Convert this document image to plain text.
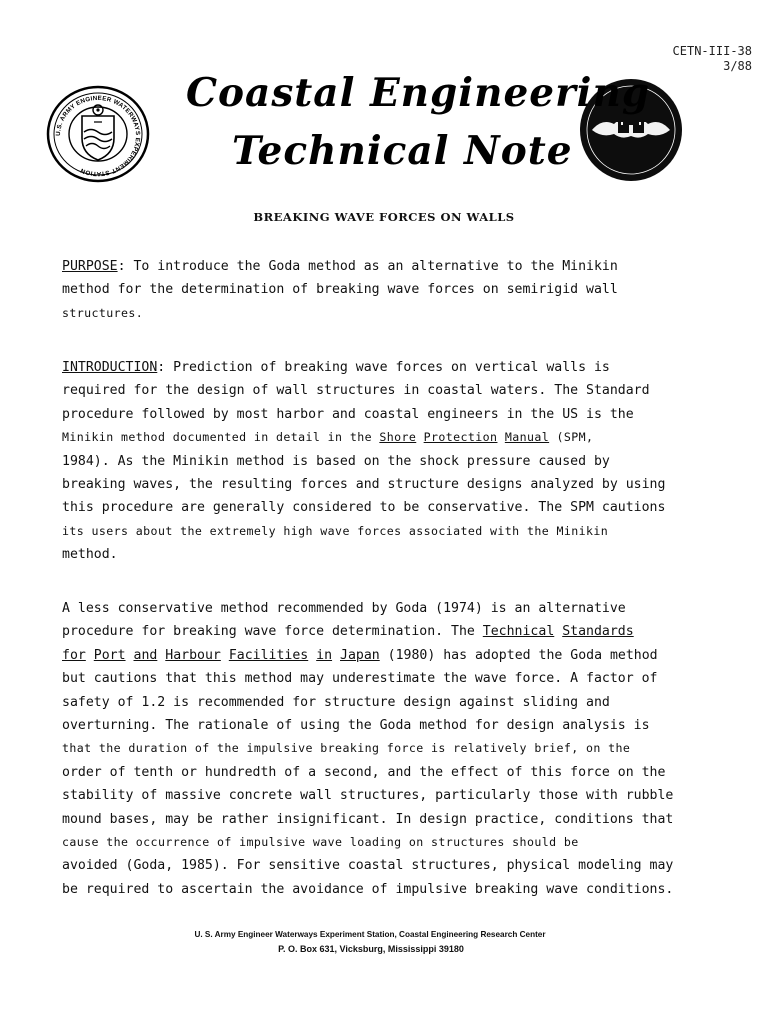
CETN-III-38
3/88
U.S. ARMY ENGINEER WATERWAYS EXPERIMENT STATION
Coastal Engineering
Technical Note
BREAKING WAVE FORCES ON WALLS
PURPOSE: To introduce the Goda method as an alternative to the Minikin
method for the determination of breaking wave forces on semirigid wall
structures.
INTRODUCTION: Prediction of breaking wave forces on vertical walls is
required for the design of wall structures in coastal waters. The Standard
procedure followed by most harbor and coastal engineers in the US is the
Minikin method documented in detail in the Shore Protection Manual (SPM,
1984). As the Minikin method is based on the shock pressure caused by
breaking waves, the resulting forces and structure designs analyzed by using
this procedure are generally considered to be conservative. The SPM cautions
its users about the extremely high wave forces associated with the Minikin
method.
A less conservative method recommended by Goda (1974) is an alternative
procedure for breaking wave force determination. The Technical Standards
for Port and Harbour Facilities in Japan (1980) has adopted the Goda method
but cautions that this method may underestimate the wave force. A factor of
safety of 1.2 is recommended for structure design against sliding and
overturning. The rationale of using the Goda method for design analysis is
that the duration of the impulsive breaking force is relatively brief, on the
order of tenth or hundredth of a second, and the effect of this force on the
stability of massive concrete wall structures, particularly those with rubble
mound bases, may be rather insignificant. In design practice, conditions that
cause the occurrence of impulsive wave loading on structures should be
avoided (Goda, 1985). For sensitive coastal structures, physical modeling may
be required to ascertain the avoidance of impulsive breaking wave conditions.
U. S. Army Engineer Waterways Experiment Station, Coastal Engineering Research Center
P. O. Box 631, Vicksburg, Mississippi 39180
